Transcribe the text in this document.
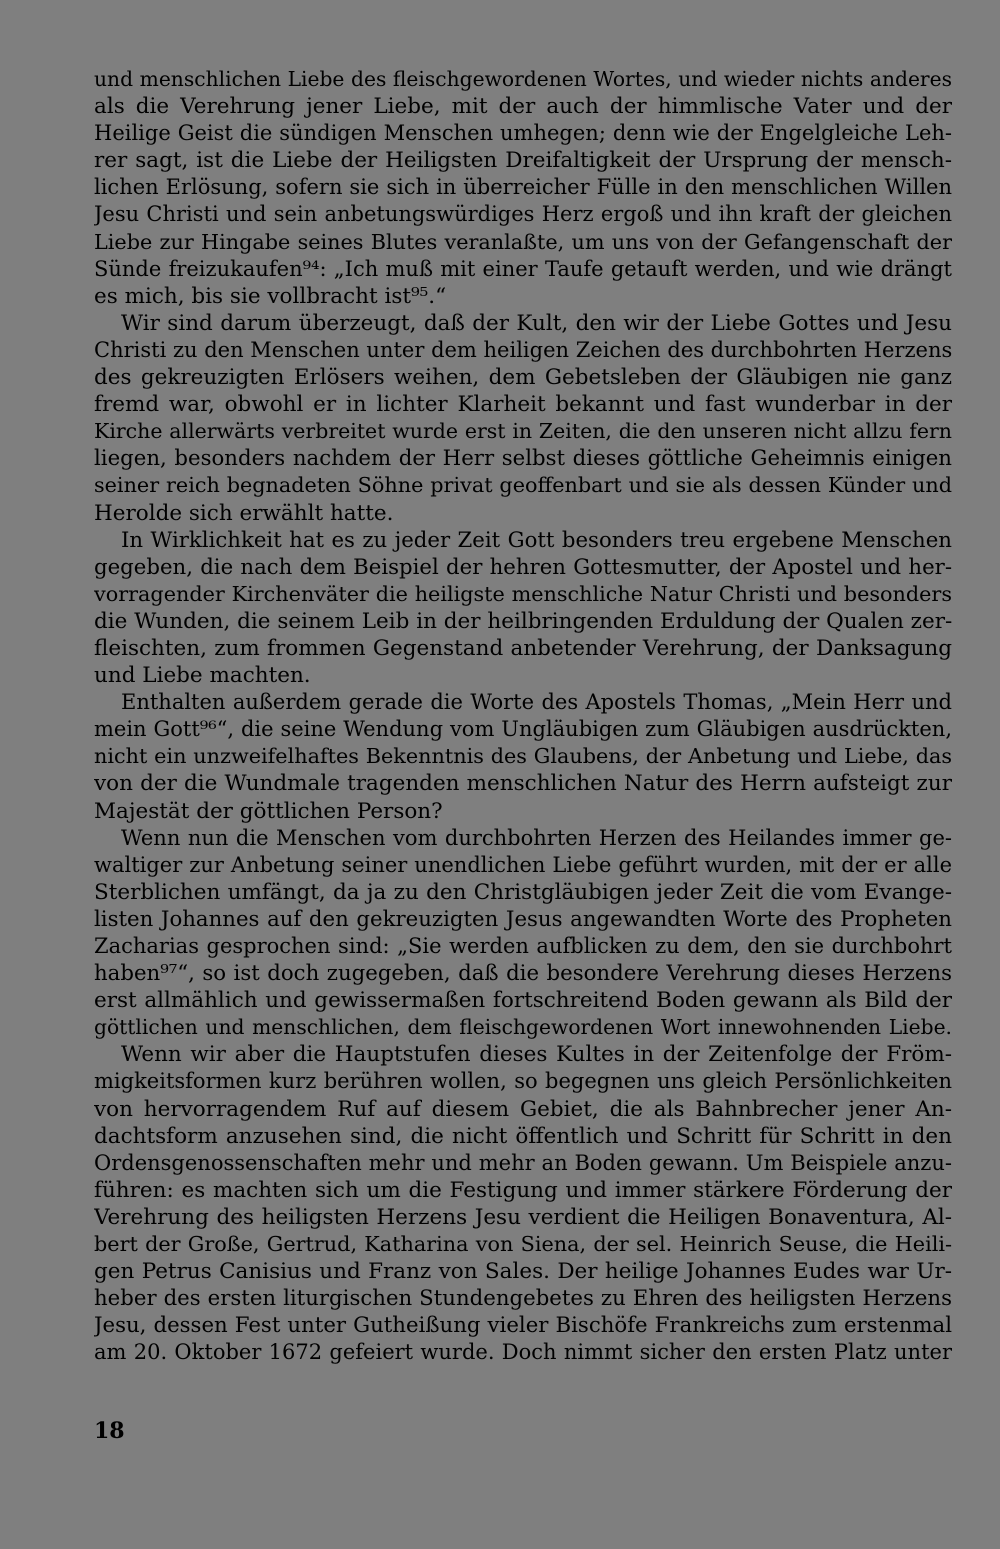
und menschlichen Liebe des fleischgewordenen Wortes, und wieder nichts anderes
als die Verehrung jener Liebe, mit der auch der himmlische Vater und der
Heilige Geist die sündigen Menschen umhegen; denn wie der Engelgleiche Leh-
rer sagt, ist die Liebe der Heiligsten Dreifaltigkeit der Ursprung der mensch-
lichen Erlösung, sofern sie sich in überreicher Fülle in den menschlichen Willen
Jesu Christi und sein anbetungswürdiges Herz ergoß und ihn kraft der gleichen
Liebe zur Hingabe seines Blutes veranlaßte, um uns von der Gefangenschaft der
Sünde freizukaufen⁹⁴: „Ich muß mit einer Taufe getauft werden, und wie drängt
es mich, bis sie vollbracht ist⁹⁵.“
Wir sind darum überzeugt, daß der Kult, den wir der Liebe Gottes und Jesu
Christi zu den Menschen unter dem heiligen Zeichen des durchbohrten Herzens
des gekreuzigten Erlösers weihen, dem Gebetsleben der Gläubigen nie ganz
fremd war, obwohl er in lichter Klarheit bekannt und fast wunderbar in der
Kirche allerwärts verbreitet wurde erst in Zeiten, die den unseren nicht allzu fern
liegen, besonders nachdem der Herr selbst dieses göttliche Geheimnis einigen
seiner reich begnadeten Söhne privat geoffenbart und sie als dessen Künder und
Herolde sich erwählt hatte.
In Wirklichkeit hat es zu jeder Zeit Gott besonders treu ergebene Menschen
gegeben, die nach dem Beispiel der hehren Gottesmutter, der Apostel und her-
vorragender Kirchenväter die heiligste menschliche Natur Christi und besonders
die Wunden, die seinem Leib in der heilbringenden Erduldung der Qualen zer-
fleischten, zum frommen Gegenstand anbetender Verehrung, der Danksagung
und Liebe machten.
Enthalten außerdem gerade die Worte des Apostels Thomas, „Mein Herr und
mein Gott⁹⁶“, die seine Wendung vom Ungläubigen zum Gläubigen ausdrückten,
nicht ein unzweifelhaftes Bekenntnis des Glaubens, der Anbetung und Liebe, das
von der die Wundmale tragenden menschlichen Natur des Herrn aufsteigt zur
Majestät der göttlichen Person?
Wenn nun die Menschen vom durchbohrten Herzen des Heilandes immer ge-
waltiger zur Anbetung seiner unendlichen Liebe geführt wurden, mit der er alle
Sterblichen umfängt, da ja zu den Christgläubigen jeder Zeit die vom Evange-
listen Johannes auf den gekreuzigten Jesus angewandten Worte des Propheten
Zacharias gesprochen sind: „Sie werden aufblicken zu dem, den sie durchbohrt
haben⁹⁷“, so ist doch zugegeben, daß die besondere Verehrung dieses Herzens
erst allmählich und gewissermaßen fortschreitend Boden gewann als Bild der
göttlichen und menschlichen, dem fleischgewordenen Wort innewohnenden Liebe.
Wenn wir aber die Hauptstufen dieses Kultes in der Zeitenfolge der Fröm-
migkeitsformen kurz berühren wollen, so begegnen uns gleich Persönlichkeiten
von hervorragendem Ruf auf diesem Gebiet, die als Bahnbrecher jener An-
dachtsform anzusehen sind, die nicht öffentlich und Schritt für Schritt in den
Ordensgenossenschaften mehr und mehr an Boden gewann. Um Beispiele anzu-
führen: es machten sich um die Festigung und immer stärkere Förderung der
Verehrung des heiligsten Herzens Jesu verdient die Heiligen Bonaventura, Al-
bert der Große, Gertrud, Katharina von Siena, der sel. Heinrich Seuse, die Heili-
gen Petrus Canisius und Franz von Sales. Der heilige Johannes Eudes war Ur-
heber des ersten liturgischen Stundengebetes zu Ehren des heiligsten Herzens
Jesu, dessen Fest unter Gutheißung vieler Bischöfe Frankreichs zum erstenmal
am 20. Oktober 1672 gefeiert wurde. Doch nimmt sicher den ersten Platz unter
18
